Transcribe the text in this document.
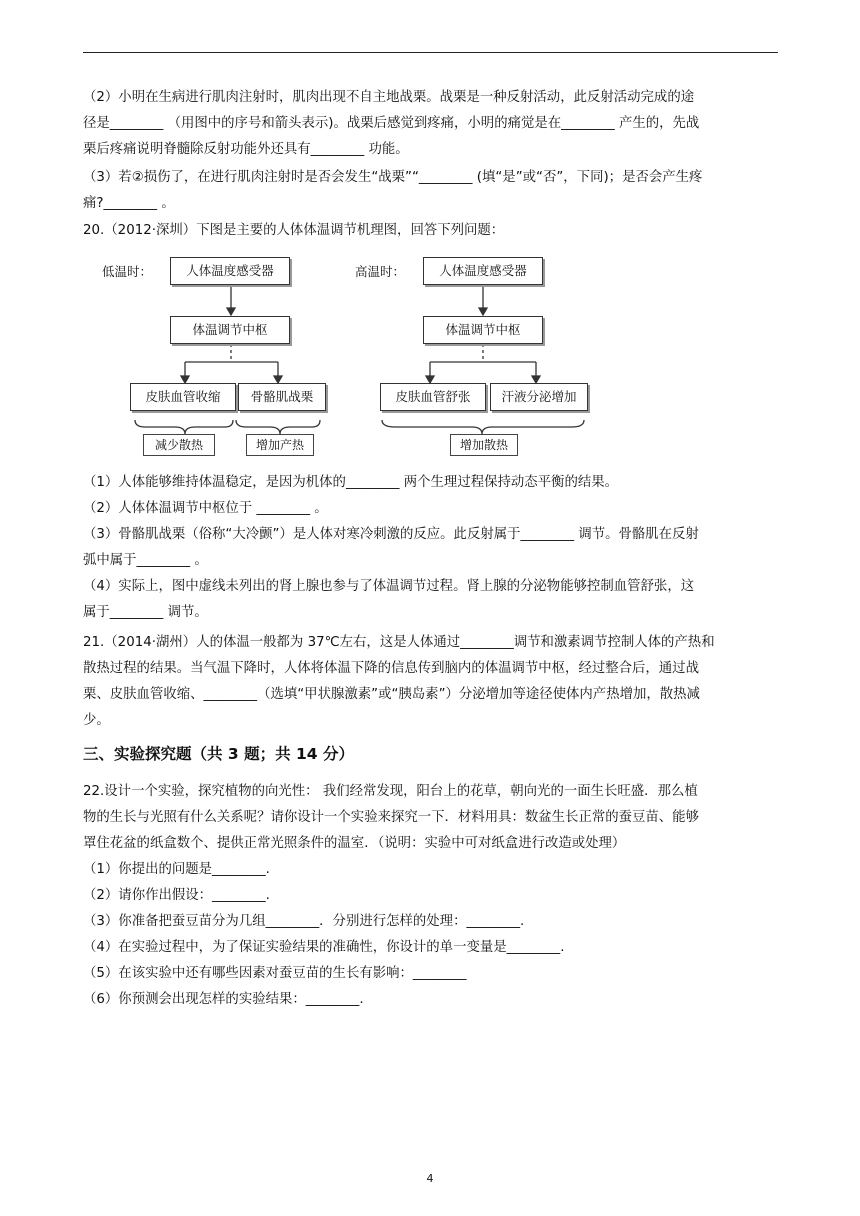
（2）小明在生病进行肌肉注射时，肌肉出现不自主地战栗。战栗是一种反射活动，此反射活动完成的途
径是________ （用图中的序号和箭头表示)。战栗后感觉到疼痛，小明的痛觉是在________ 产生的，先战
栗后疼痛说明脊髓除反射功能外还具有________ 功能。
（3）若②损伤了，在进行肌肉注射时是否会发生“战栗”“________ (填“是”或“否”，下同)；是否会产生疼
痛?________ 。
20.（2012·深圳）下图是主要的人体体温调节机理图，回答下列问题：
低温时：	人体温度感受器
体温调节中枢
皮肤血管收缩	骨骼肌战栗
减少散热	增加产热
高温时：	人体温度感受器
体温调节中枢
皮肤血管舒张	汗液分泌增加
增加散热
（1）人体能够维持体温稳定，是因为机体的________ 两个生理过程保持动态平衡的结果。
（2）人体体温调节中枢位于 ________ 。
（3）骨骼肌战栗（俗称“大冷颤”）是人体对寒冷刺激的反应。此反射属于________ 调节。骨骼肌在反射
弧中属于________ 。
（4）实际上，图中虚线未列出的肾上腺也参与了体温调节过程。肾上腺的分泌物能够控制血管舒张，这
属于________ 调节。
21.（2014·湖州）人的体温一般都为 37℃左右，这是人体通过________调节和激素调节控制人体的产热和
散热过程的结果。当气温下降时，人体将体温下降的信息传到脑内的体温调节中枢，经过整合后，通过战
栗、皮肤血管收缩、________（选填“甲状腺激素”或“胰岛素”）分泌增加等途径使体内产热增加，散热减
少。
三、实验探究题（共 3 题；共 14 分）
22.设计一个实验，探究植物的向光性： 我们经常发现，阳台上的花草，朝向光的一面生长旺盛．那么植
物的生长与光照有什么关系呢？请你设计一个实验来探究一下．材料用具：数盆生长正常的蚕豆苗、能够
罩住花盆的纸盒数个、提供正常光照条件的温室．（说明：实验中可对纸盒进行改造或处理）
（1）你提出的问题是________.
（2）请你作出假设：________.
（3）你准备把蚕豆苗分为几组________．分别进行怎样的处理：________.
（4）在实验过程中，为了保证实验结果的准确性，你设计的单一变量是________.
（5）在该实验中还有哪些因素对蚕豆苗的生长有影响：________
（6）你预测会出现怎样的实验结果：________.
4
